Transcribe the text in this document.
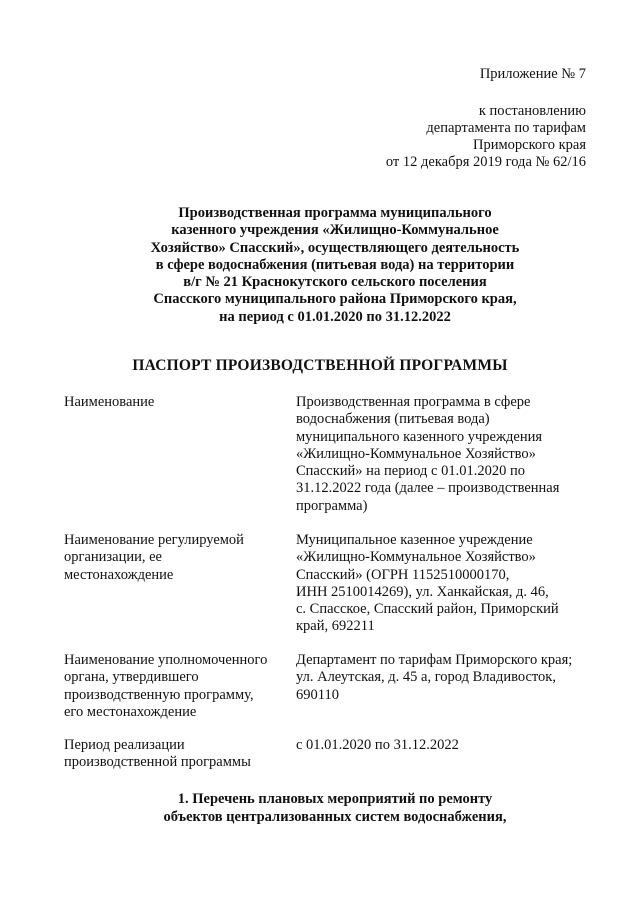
Приложение № 7
к постановлению
департамента по тарифам
Приморского края
от 12 декабря 2019 года № 62/16
Производственная программа муниципального
казенного учреждения «Жилищно-Коммунальное
Хозяйство» Спасский», осуществляющего деятельность
в сфере водоснабжения (питьевая вода) на территории
в/г № 21 Краснокутского сельского поселения
Спасского муниципального района Приморского края,
на период с 01.01.2020 по 31.12.2022
ПАСПОРТ ПРОИЗВОДСТВЕННОЙ ПРОГРАММЫ
Наименование	Производственная программа в сфере
водоснабжения (питьевая вода)
муниципального казенного учреждения
«Жилищно-Коммунальное Хозяйство»
Спасский» на период с 01.01.2020 по
31.12.2022 года (далее – производственная
программа)
Наименование регулируемой
организации, ее
местонахождение
Муниципальное казенное учреждение
«Жилищно-Коммунальное Хозяйство»
Спасский» (ОГРН 1152510000170,
ИНН 2510014269), ул. Ханкайская, д. 46,
с. Спасское, Спасский район, Приморский
край, 692211
Наименование уполномоченного
органа, утвердившего
производственную программу,
его местонахождение
Департамент по тарифам Приморского края;
ул. Алеутская, д. 45 а, город Владивосток,
690110
Период реализации
производственной программы
с 01.01.2020 по 31.12.2022
1. Перечень плановых мероприятий по ремонту
объектов централизованных систем водоснабжения,
